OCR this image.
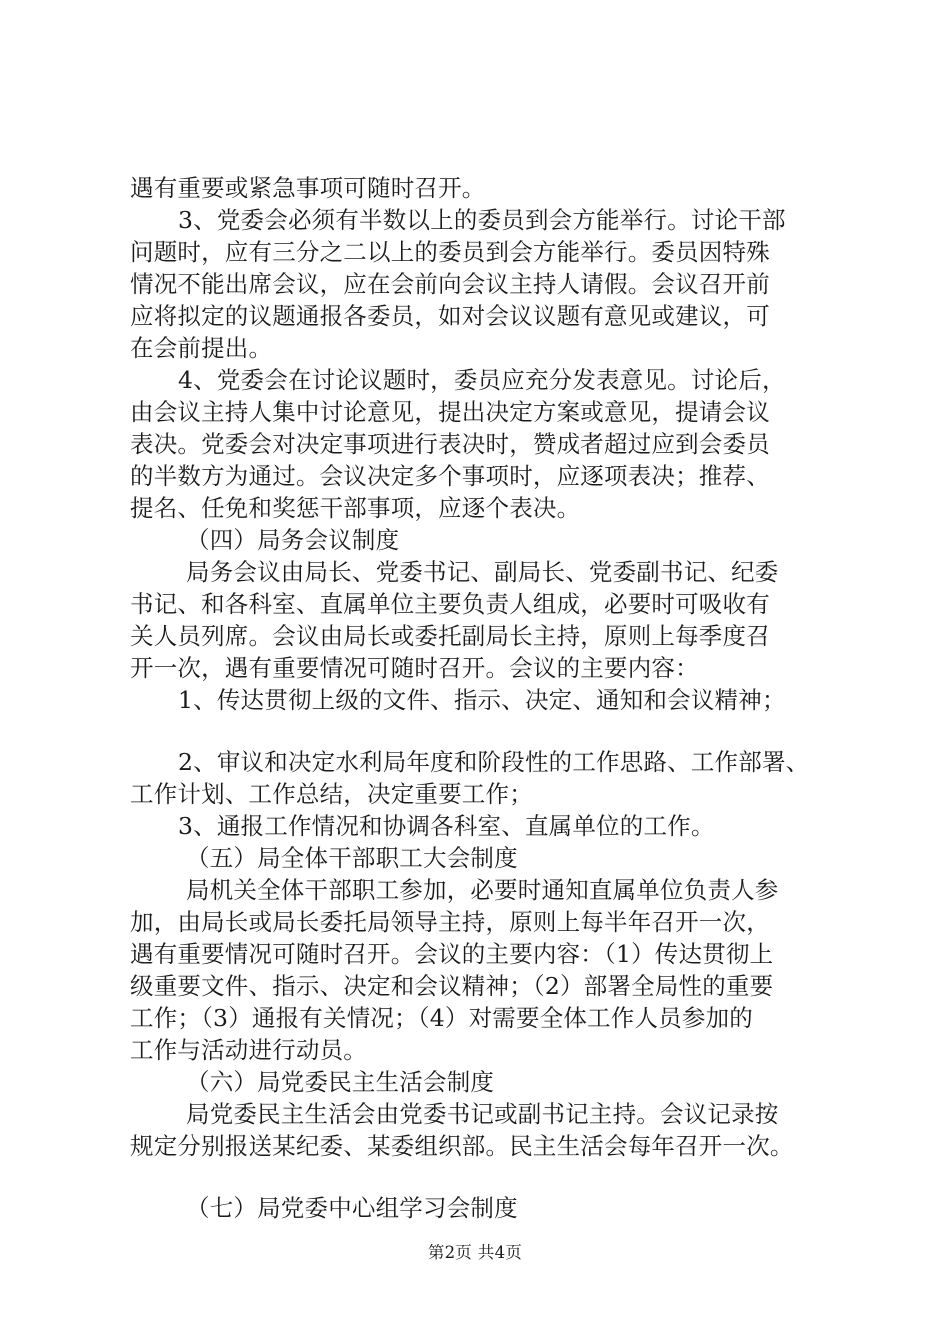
遇有重要或紧急事项可随时召开。
3、党委会必须有半数以上的委员到会方能举行。讨论干部
问题时，应有三分之二以上的委员到会方能举行。委员因特殊
情况不能出席会议，应在会前向会议主持人请假。会议召开前
应将拟定的议题通报各委员，如对会议议题有意见或建议，可
在会前提出。
4、党委会在讨论议题时，委员应充分发表意见。讨论后，
由会议主持人集中讨论意见，提出决定方案或意见，提请会议
表决。党委会对决定事项进行表决时，赞成者超过应到会委员
的半数方为通过。会议决定多个事项时，应逐项表决；推荐、
提名、任免和奖惩干部事项，应逐个表决。
（四）局务会议制度
局务会议由局长、党委书记、副局长、党委副书记、纪委
书记、和各科室、直属单位主要负责人组成，必要时可吸收有
关人员列席。会议由局长或委托副局长主持，原则上每季度召
开一次，遇有重要情况可随时召开。会议的主要内容：
1、传达贯彻上级的文件、指示、决定、通知和会议精神；
2、审议和决定水利局年度和阶段性的工作思路、工作部署、
工作计划、工作总结，决定重要工作；
3、通报工作情况和协调各科室、直属单位的工作。
（五）局全体干部职工大会制度
局机关全体干部职工参加，必要时通知直属单位负责人参
加，由局长或局长委托局领导主持，原则上每半年召开一次，
遇有重要情况可随时召开。会议的主要内容：（1）传达贯彻上
级重要文件、指示、决定和会议精神；（2）部署全局性的重要
工作；（3）通报有关情况；（4）对需要全体工作人员参加的
工作与活动进行动员。
（六）局党委民主生活会制度
局党委民主生活会由党委书记或副书记主持。会议记录按
规定分别报送某纪委、某委组织部。民主生活会每年召开一次。
（七）局党委中心组学习会制度
第2页 共4页
